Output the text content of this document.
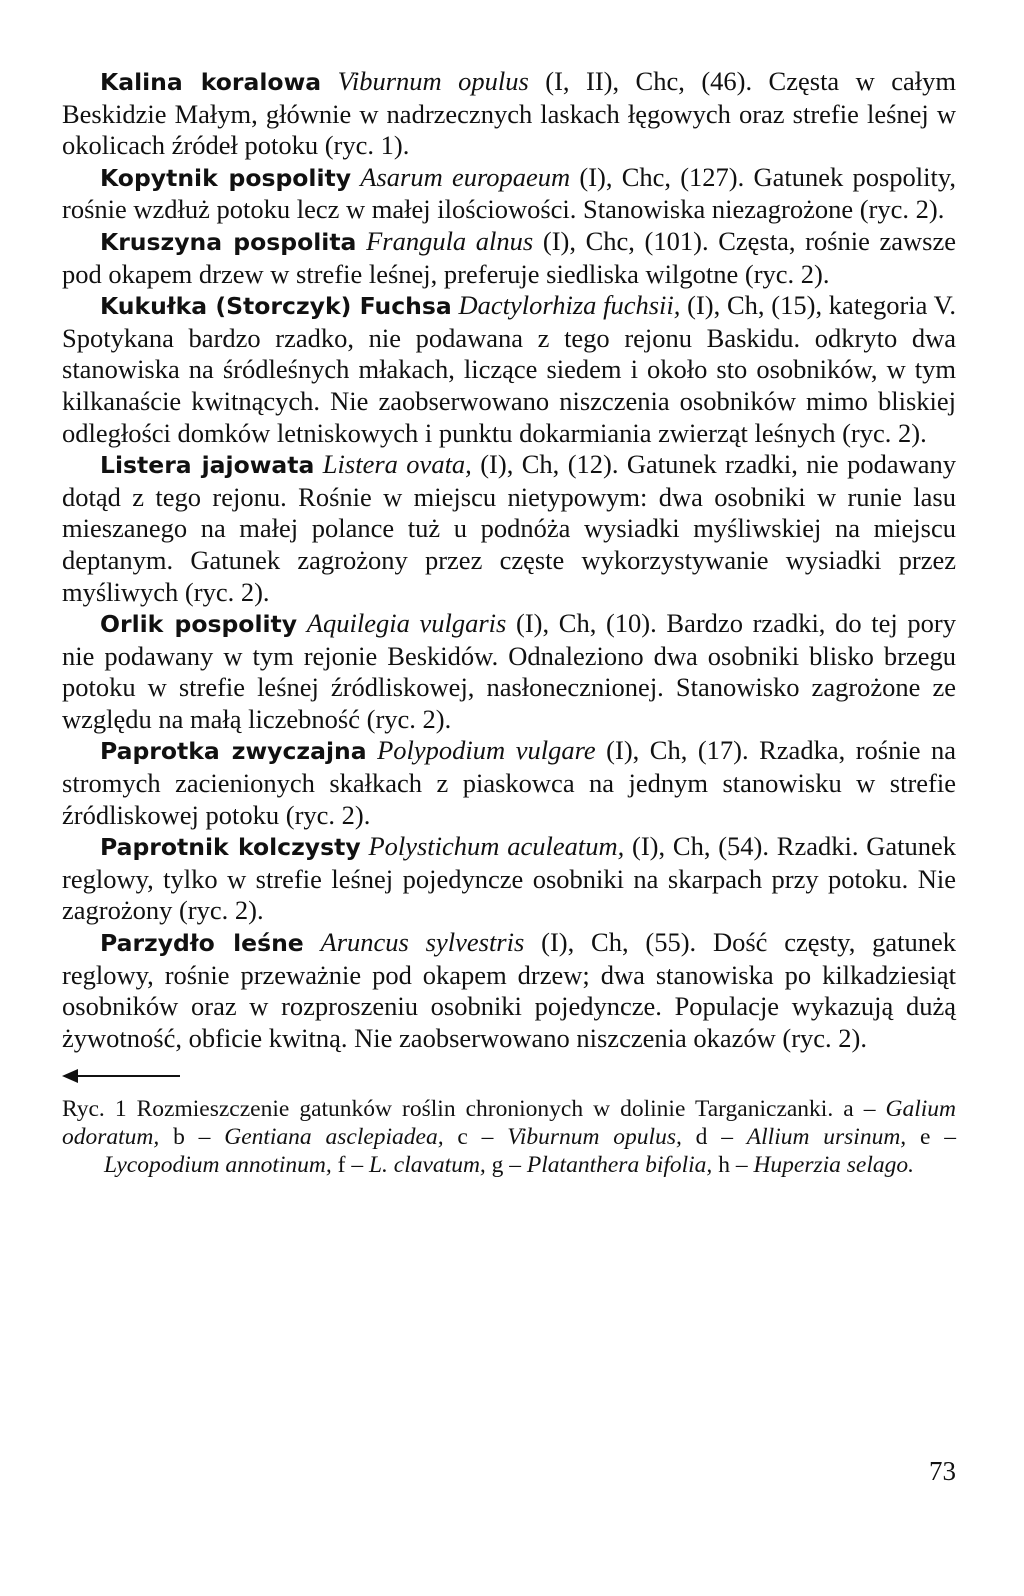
Kalina koralowa Viburnum opulus (I, II), Chc, (46). Częsta w całym Beskidzie Małym, głównie w nadrzecznych laskach łęgowych oraz strefie leśnej w okolicach źródeł potoku (ryc. 1).

Kopytnik pospolity Asarum europaeum (I), Chc, (127). Gatunek pospolity, rośnie wzdłuż potoku lecz w małej ilościowości. Stanowiska niezagrożone (ryc. 2).

Kruszyna pospolita Frangula alnus (I), Chc, (101). Częsta, rośnie zawsze pod okapem drzew w strefie leśnej, preferuje siedliska wilgotne (ryc. 2).

Kukułka (Storczyk) Fuchsa Dactylorhiza fuchsii, (I), Ch, (15), kategoria V. Spotykana bardzo rzadko, nie podawana z tego rejonu Baskidu. odkryto dwa stanowiska na śródleśnych młakach, liczące siedem i około sto osobników, w tym kilkanaście kwitnących. Nie zaobserwowano niszczenia osobników mimo bliskiej odległości domków letniskowych i punktu dokarmiania zwierząt leśnych (ryc. 2).

Listera jajowata Listera ovata, (I), Ch, (12). Gatunek rzadki, nie podawany dotąd z tego rejonu. Rośnie w miejscu nietypowym: dwa osobniki w runie lasu mieszanego na małej polance tuż u podnóża wysiadki myśliwskiej na miejscu deptanym. Gatunek zagrożony przez częste wykorzystywanie wysiadki przez myśliwych (ryc. 2).

Orlik pospolity Aquilegia vulgaris (I), Ch, (10). Bardzo rzadki, do tej pory nie podawany w tym rejonie Beskidów. Odnaleziono dwa osobniki blisko brzegu potoku w strefie leśnej źródliskowej, nasłonecznionej. Stanowisko zagrożone ze względu na małą liczebność (ryc. 2).

Paprotka zwyczajna Polypodium vulgare (I), Ch, (17). Rzadka, rośnie na stromych zacienionych skałkach z piaskowca na jednym stanowisku w strefie źródliskowej potoku (ryc. 2).

Paprotnik kolczysty Polystichum aculeatum, (I), Ch, (54). Rzadki. Gatunek reglowy, tylko w strefie leśnej pojedyncze osobniki na skarpach przy potoku. Nie zagrożony (ryc. 2).

Parzydło leśne Aruncus sylvestris (I), Ch, (55). Dość częsty, gatunek reglowy, rośnie przeważnie pod okapem drzew; dwa stanowiska po kilkadziesiąt osobników oraz w rozproszeniu osobniki pojedyncze. Populacje wykazują dużą żywotność, obficie kwitną. Nie zaobserwowano niszczenia okazów (ryc. 2).

Ryc. 1 Rozmieszczenie gatunków roślin chronionych w dolinie Targaniczanki. a – Galium odoratum, b – Gentiana asclepiadea, c – Viburnum opulus, d – Allium ursinum, e – Lycopodium annotinum, f – L. clavatum, g – Platanthera bifolia, h – Huperzia selago.

73
